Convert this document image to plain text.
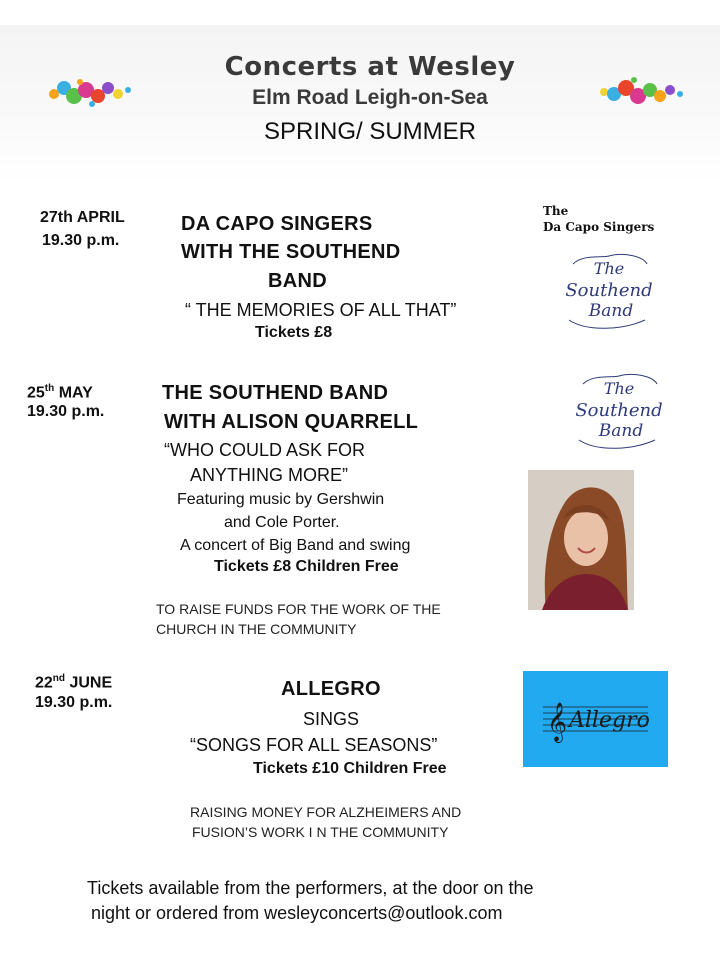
Concerts at Wesley
Elm Road Leigh-on-Sea
SPRING/ SUMMER
27th APRIL
19.30 p.m.
DA CAPO SINGERS
WITH THE SOUTHEND
BAND
“ THE MEMORIES OF ALL THAT”
Tickets £8
The
Da Capo Singers
The
Southend
Band
25th MAY
19.30 p.m.
THE SOUTHEND BAND
WITH ALISON QUARRELL
“WHO COULD ASK FOR
ANYTHING MORE”
Featuring music by Gershwin
and Cole Porter.
A concert of Big Band and swing
Tickets £8 Children Free
TO RAISE FUNDS FOR THE WORK OF THE
CHURCH IN THE COMMUNITY
The
Southend
Band
22nd JUNE
19.30 p.m.
ALLEGRO
SINGS
“SONGS FOR ALL SEASONS”
Tickets £10 Children Free
RAISING MONEY FOR ALZHEIMERS AND
FUSION’S WORK I N THE COMMUNITY
𝄞 Allegro
Tickets available from the performers, at the door on the
night or ordered from wesleyconcerts@outlook.com
